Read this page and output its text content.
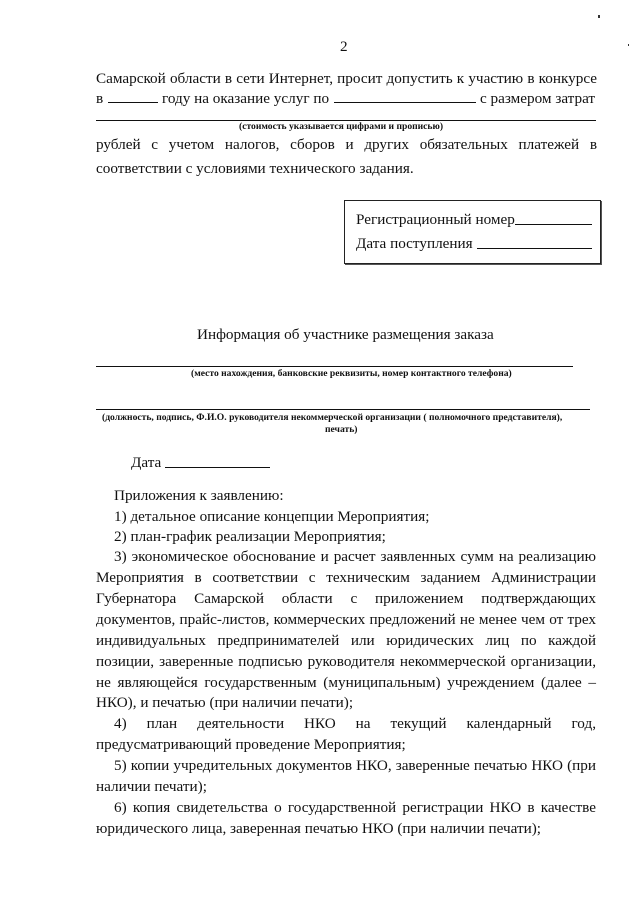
2
Самарской области в сети Интернет, просит допустить к участию в конкурсе
в	году на оказание услуг по	с размером затрат
(стоимость указывается цифрами и прописью)
рублей с учетом налогов, сборов и других обязательных платежей в
соответствии с условиями технического задания.
Регистрационный номер
Дата поступления
Информация об участнике размещения заказа
(место нахождения, банковские реквизиты, номер контактного телефона)
(должность, подпись, Ф.И.О. руководителя некоммерческой организации ( полномочного представителя),
печать)
Дата
Приложения к заявлению:
1) детальное описание концепции Мероприятия;
2) план-график реализации Мероприятия;
3) экономическое обоснование и расчет заявленных сумм на реализацию
Мероприятия в соответствии с техническим заданием Администрации
Губернатора Самарской области с приложением подтверждающих
документов, прайс-листов, коммерческих предложений не менее чем от трех
индивидуальных предпринимателей или юридических лиц по каждой
позиции, заверенные подписью руководителя некоммерческой организации,
не являющейся государственным (муниципальным) учреждением (далее –
НКО), и печатью (при наличии печати);
4) план деятельности НКО на текущий календарный год,
предусматривающий проведение Мероприятия;
5) копии учредительных документов НКО, заверенные печатью НКО (при
наличии печати);
6) копия свидетельства о государственной регистрации НКО в качестве
юридического лица, заверенная печатью НКО (при наличии печати);
